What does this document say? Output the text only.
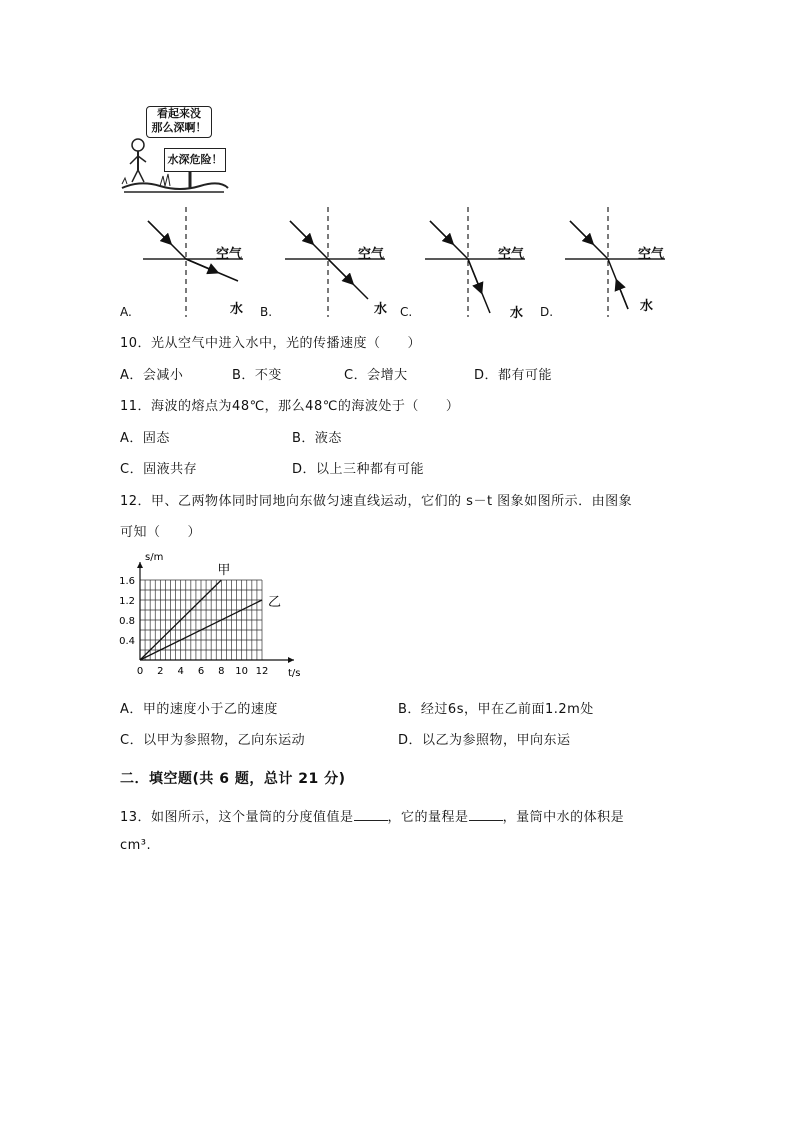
看起来没
那么深啊！
水深危险！
空气	空气	空气	空气
水	水	水	水
A.	B.	C.	D.
10．光从空气中进入水中，光的传播速度（　　）
A．会减小	B．不变	C．会增大	D．都有可能
11．海波的熔点为48℃，那么48℃的海波处于（　　）
A．固态	B．液态
C．固液共存	D．以上三种都有可能
12．甲、乙两物体同时同地向东做匀速直线运动，它们的 s－t 图象如图所示．由图象
可知（　　）
0 2 4 6 8 10 12
0.4
0.8
1.2
1.6
t/s
s/m
甲
乙
A．甲的速度小于乙的速度	B．经过6s，甲在乙前面1.2m处
C．以甲为参照物，乙向东运动	D．以乙为参照物，甲向东运
二．填空题(共 6 题，总计 21 分)
13．如图所示，这个量筒的分度值值是	，它的量程是	，量筒中水的体积是
cm³.
